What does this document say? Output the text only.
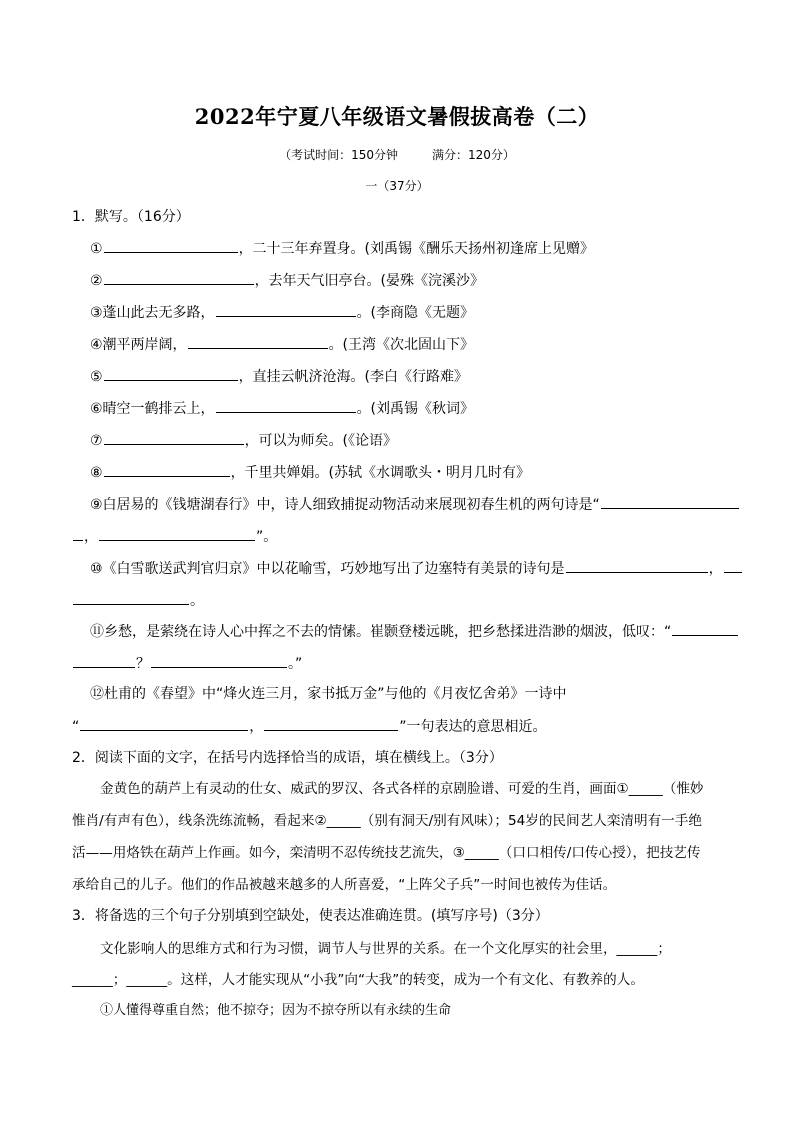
2022年宁夏八年级语文暑假拔高卷（二）
（考试时间：150分钟	满分：120分）
一（37分）
1．默写。（16分）
①	，二十三年弃置身。(刘禹锡《酬乐天扬州初逢席上见赠》
②	，去年天气旧亭台。(晏殊《浣溪沙》
③蓬山此去无多路，	。(李商隐《无题》
④潮平两岸阔，	。(王湾《次北固山下》
⑤	，直挂云帆济沧海。(李白《行路难》
⑥晴空一鹤排云上，	。(刘禹锡《秋词》
⑦	，可以为师矣。(《论语》
⑧	，千里共婵娟。(苏轼《水调歌头・明月几时有》
⑨白居易的《钱塘湖春行》中，诗人细致捕捉动物活动来展现初春生机的两句诗是“
，	”。
⑩《白雪歌送武判官归京》中以花喻雪，巧妙地写出了边塞特有美景的诗句是	，
。
⑪乡愁，是萦绕在诗人心中挥之不去的情愫。崔颢登楼远眺，把乡愁揉进浩渺的烟波，低叹：“
？	。”
⑫杜甫的《春望》中“烽火连三月，家书抵万金”与他的《月夜忆舍弟》一诗中
“	，	”一句表达的意思相近。
2．阅读下面的文字，在括号内选择恰当的成语，填在横线上。（3分）
金黄色的葫芦上有灵动的仕女、威武的罗汉、各式各样的京剧脸谱、可爱的生肖，画面①_____（惟妙
惟肖/有声有色），线条洗练流畅，看起来②_____（别有洞天/别有风味）；54岁的民间艺人栾清明有一手绝
活——用烙铁在葫芦上作画。如今，栾清明不忍传统技艺流失，③_____（口口相传/口传心授），把技艺传
承给自己的儿子。他们的作品被越来越多的人所喜爱，“上阵父子兵”一时间也被传为佳话。
3．将备选的三个句子分别填到空缺处，使表达准确连贯。(填写序号)（3分）
文化影响人的思维方式和行为习惯，调节人与世界的关系。在一个文化厚实的社会里，______；
______；______。这样，人才能实现从“小我”向“大我”的转变，成为一个有文化、有教养的人。
①人懂得尊重自然；他不掠夺；因为不掠夺所以有永续的生命
